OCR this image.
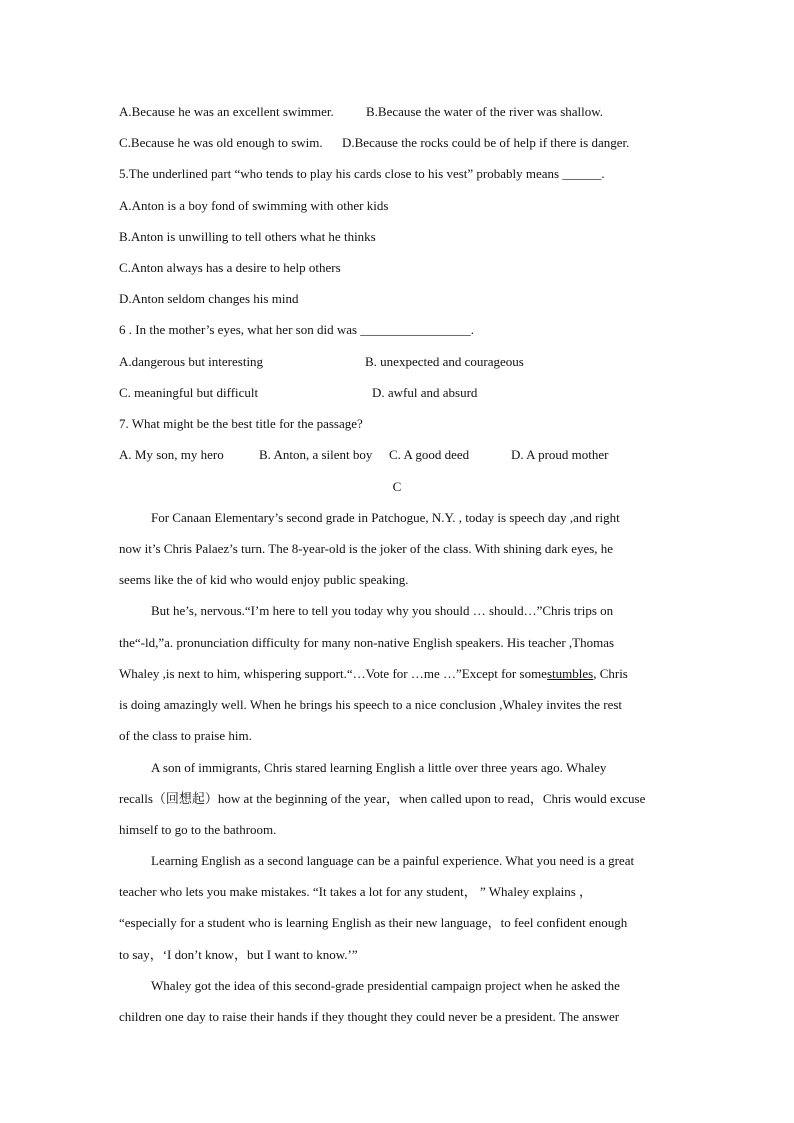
A.Because he was an excellent swimmer. B.Because the water of the river was shallow.
C.Because he was old enough to swim. D.Because the rocks could be of help if there is danger.
5.The underlined part “who tends to play his cards close to his vest” probably means ______.
A.Anton is a boy fond of swimming with other kids
B.Anton is unwilling to tell others what he thinks
C.Anton always has a desire to help others
D.Anton seldom changes his mind
6 . In the mother’s eyes, what her son did was _________________.
A.dangerous but interesting	B. unexpected and courageous
C. meaningful but difficult	D. awful and absurd
7. What might be the best title for the passage?
A. My son, my hero	B. Anton, a silent boy C. A good deed	D. A proud mother
C
For Canaan Elementary’s second grade in Patchogue, N.Y. , today is speech day ,and right
now it’s Chris Palaez’s turn. The 8-year-old is the joker of the class. With shining dark eyes, he
seems like the of kid who would enjoy public speaking.
But he’s, nervous.“I’m here to tell you today why you should … should…”Chris trips on
the“-ld,”a. pronunciation difficulty for many non-native English speakers. His teacher ,Thomas
Whaley ,is next to him, whispering support.“…Vote for …me …”Except for some stumbles , Chris
is doing amazingly well. When he brings his speech to a nice conclusion ,Whaley invites the rest
of the class to praise him.
A son of immigrants, Chris stared learning English a little over three years ago. Whaley
recalls（回想起）how at the beginning of the year，when called upon to read，Chris would excuse
himself to go to the bathroom.
Learning English as a second language can be a painful experience. What you need is a great
teacher who lets you make mistakes. “It takes a lot for any student， ” Whaley explains ，
“especially for a student who is learning English as their new language，to feel confident enough
to say，‘I don’t know，but I want to know.’”
Whaley got the idea of this second-grade presidential campaign project when he asked the
children one day to raise their hands if they thought they could never be a president. The answer
